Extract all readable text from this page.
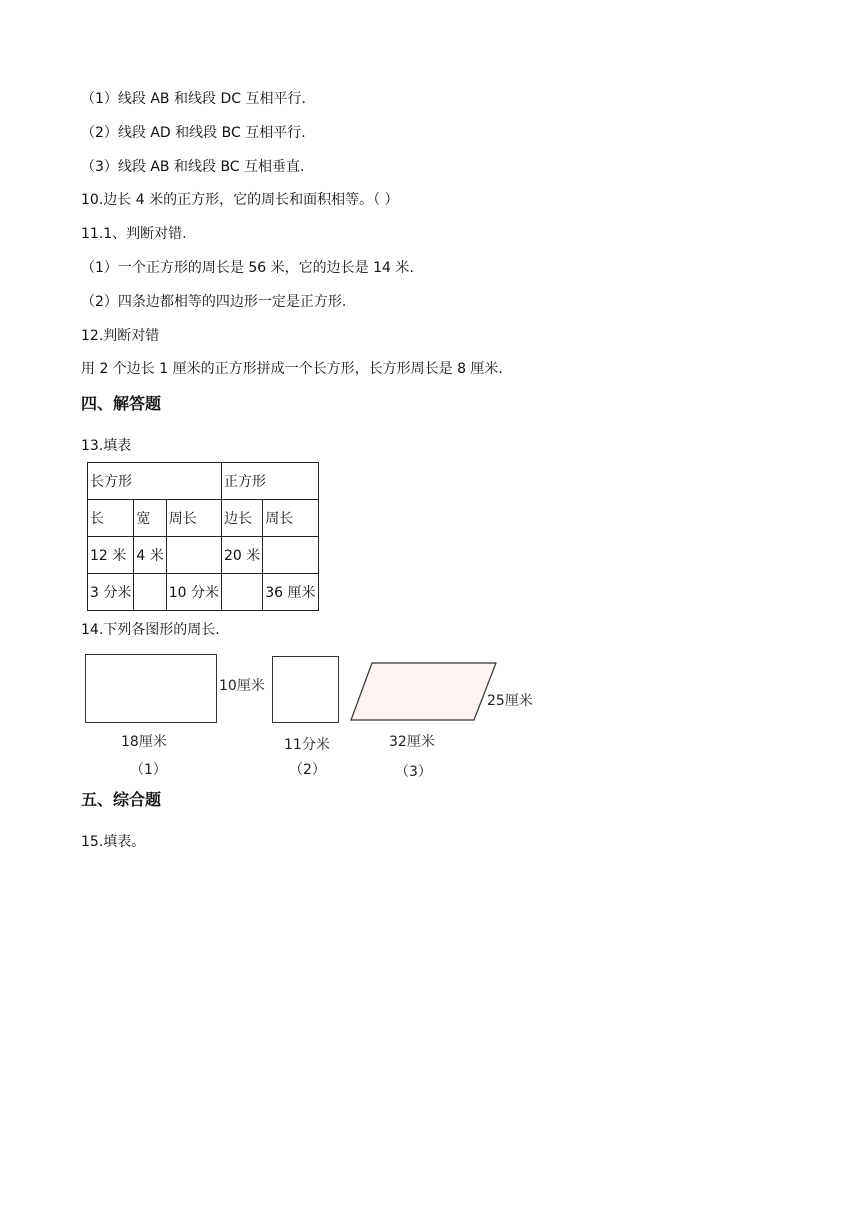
（1）线段 AB 和线段 DC 互相平行.
（2）线段 AD 和线段 BC 互相平行.
（3）线段 AB 和线段 BC 互相垂直.
10.边长 4 米的正方形，它的周长和面积相等。（ ）
11.1、判断对错.
（1）一个正方形的周长是 56 米，它的边长是 14 米.
（2）四条边都相等的四边形一定是正方形.
12.判断对错
用 2 个边长 1 厘米的正方形拼成一个长方形，长方形周长是 8 厘米.
四、解答题
13.填表
长方形			正方形	
长	宽	周长	边长	周长
12 米	4 米		20 米	
3 分米		10 分米		36 厘米
14.下列各图形的周长.
10厘米
18厘米
（1）
11分米
（2）
25厘米
32厘米
（3）
五、综合题
15.填表。
